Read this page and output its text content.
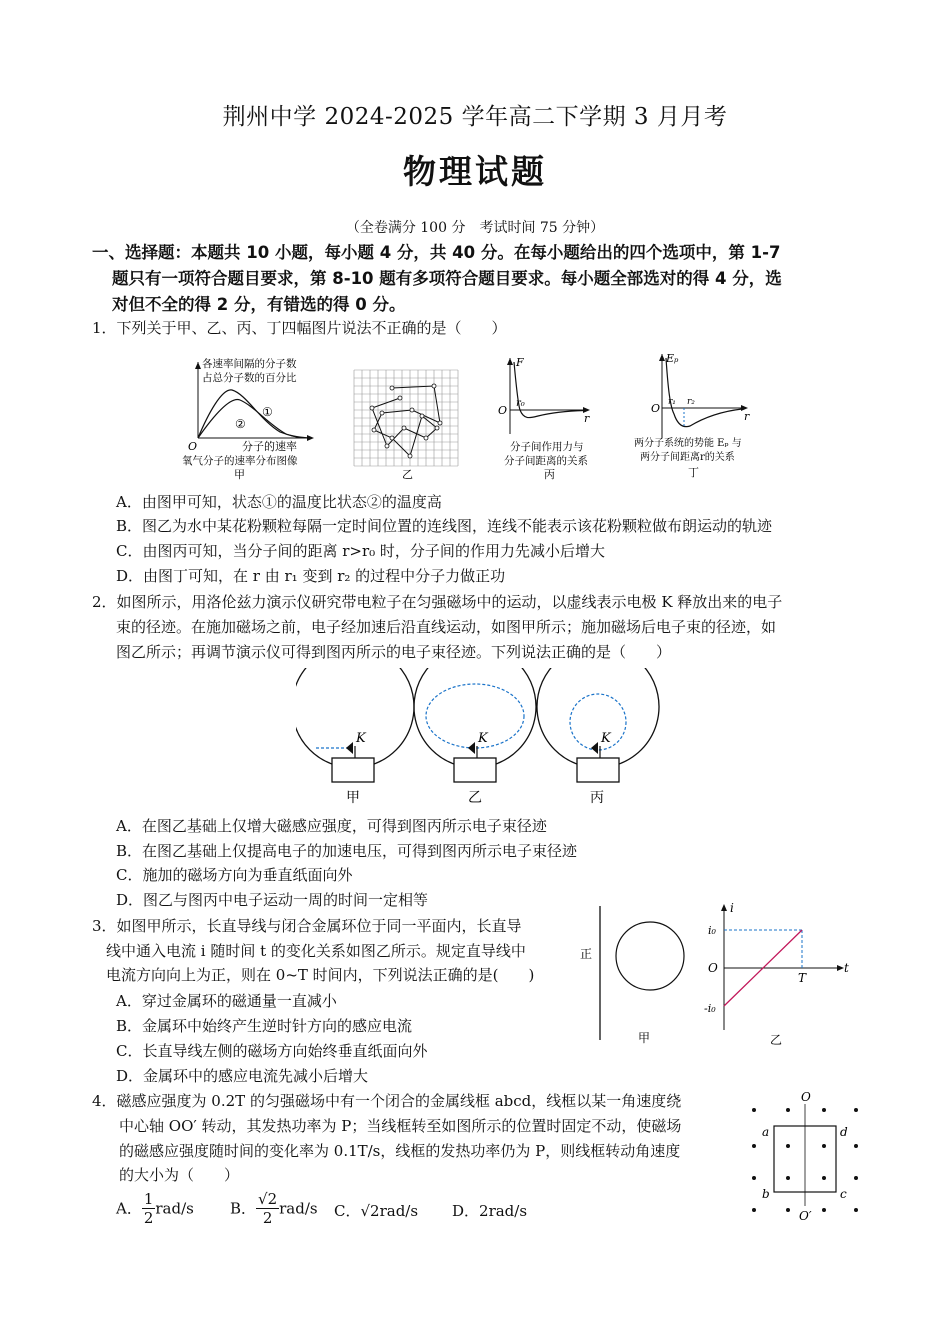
荆州中学 2024-2025 学年高二下学期 3 月月考
物理试题
（全卷满分 100 分　考试时间 75 分钟）
一、选择题：本题共 10 小题，每小题 4 分，共 40 分。在每小题给出的四个选项中，第 1-7
题只有一项符合题目要求，第 8-10 题有多项符合题目要求。每小题全部选对的得 4 分，选
对但不全的得 2 分，有错选的得 0 分。
1．下列关于甲、乙、丙、丁四幅图片说法不正确的是（　　）
各速率间隔的分子数
占总分子数的百分比
①
②
O	分子的速率
氧气分子的速率分布图像
甲	乙
F
O
r₀
r
分子间作用力与
分子间距离的关系
丙
Eₚ
O r₁ r₂
r
两分子系统的势能 Eₚ 与
两分子间距离r的关系
丁
A．由图甲可知，状态①的温度比状态②的温度高
B．图乙为水中某花粉颗粒每隔一定时间位置的连线图，连线不能表示该花粉颗粒做布朗运动的轨迹
C．由图丙可知，当分子间的距离 r>r₀ 时，分子间的作用力先减小后增大
D．由图丁可知，在 r 由 r₁ 变到 r₂ 的过程中分子力做正功
2．如图所示，用洛伦兹力演示仪研究带电粒子在匀强磁场中的运动，以虚线表示电极 K 释放出来的电子
束的径迹。在施加磁场之前，电子经加速后沿直线运动，如图甲所示；施加磁场后电子束的径迹，如
图乙所示；再调节演示仪可得到图丙所示的电子束径迹。下列说法正确的是（　　）
K
甲
K
乙
K
丙
A．在图乙基础上仅增大磁感应强度，可得到图丙所示电子束径迹
B．在图乙基础上仅提高电子的加速电压，可得到图丙所示电子束径迹
C．施加的磁场方向为垂直纸面向外
D．图乙与图丙中电子运动一周的时间一定相等
3．如图甲所示，长直导线与闭合金属环位于同一平面内，长直导
线中通入电流 i 随时间 t 的变化关系如图乙所示。规定直导线中
电流方向向上为正，则在 0~T 时间内，下列说法正确的是(　　)
A．穿过金属环的磁通量一直减小
B．金属环中始终产生逆时针方向的感应电流
C．长直导线左侧的磁场方向始终垂直纸面向外
D．金属环中的感应电流先减小后增大
正
甲
i
i₀
O	t
T
-i₀
乙
4．磁感应强度为 0.2T 的匀强磁场中有一个闭合的金属线框 abcd，线框以某一角速度绕
中心轴 OO′ 转动，其发热功率为 P；当线框转至如图所示的位置时固定不动，使磁场
的磁感应强度随时间的变化率为 0.1T/s，线框的发热功率仍为 P，则线框转动角速度
的大小为（　　）
A． $\frac{1}{2} rad/s$ B． $\frac{√2}{2} rad/s$ C．√2rad/s D．2rad/s
O
O′
a	d
b	c
